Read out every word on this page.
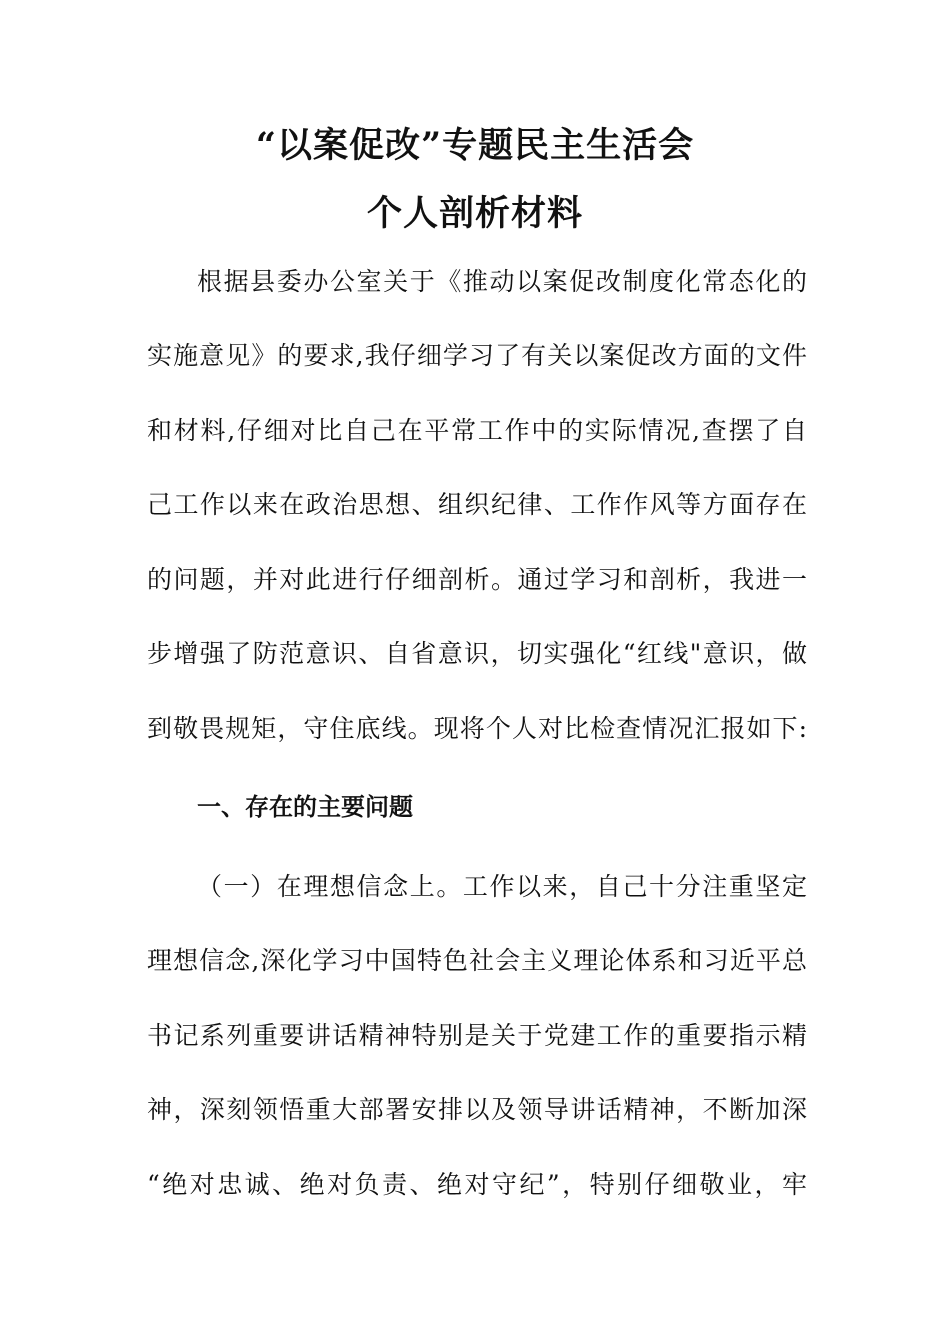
“以案促改”专题民主生活会
个人剖析材料
根据县委办公室关于《推动以案促改制度化常态化的
实施意见》的要求,我仔细学习了有关以案促改方面的文件
和材料,仔细对比自己在平常工作中的实际情况,查摆了自
己工作以来在政治思想、组织纪律、工作作风等方面存在
的问题，并对此进行仔细剖析。通过学习和剖析，我进一
步增强了防范意识、自省意识，切实强化“红线"意识，做
到敬畏规矩，守住底线。现将个人对比检查情况汇报如下:
一、存在的主要问题
（一）在理想信念上。工作以来，自己十分注重坚定
理想信念,深化学习中国特色社会主义理论体系和习近平总
书记系列重要讲话精神特别是关于党建工作的重要指示精
神，深刻领悟重大部署安排以及领导讲话精神，不断加深
“绝对忠诚、绝对负责、绝对守纪”，特别仔细敬业，牢
